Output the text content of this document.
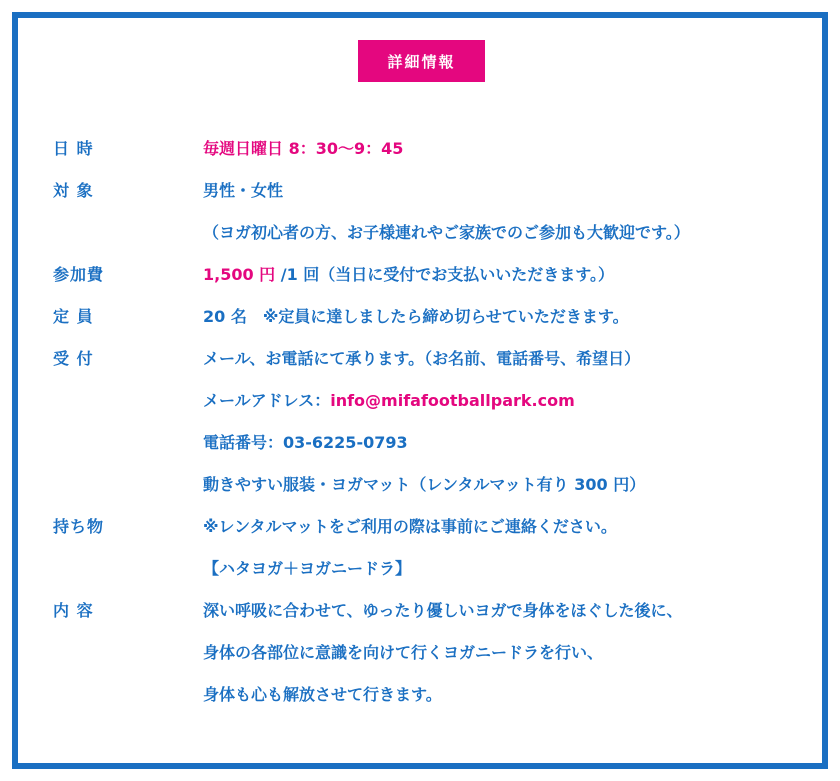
詳細情報
日 時	毎週日曜日 8：30〜9：45
対 象	男性・女性
（ヨガ初心者の方、お子様連れやご家族でのご参加も大歓迎です。）
参加費	1,500 円 /1 回（当日に受付でお支払いいただきます。）
定 員	20 名　※定員に達しましたら締め切らせていただきます。
受 付	メール、お電話にて承ります。（お名前、電話番号、希望日）
メールアドレス：info@mifafootballpark.com
電話番号：03-6225-0793
動きやすい服装・ヨガマット（レンタルマット有り 300 円）
持ち物	※レンタルマットをご利用の際は事前にご連絡ください。
【ハタヨガ＋ヨガニードラ】
内 容	深い呼吸に合わせて、ゆったり優しいヨガで身体をほぐした後に、
身体の各部位に意識を向けて行くヨガニードラを行い、
身体も心も解放させて行きます。
